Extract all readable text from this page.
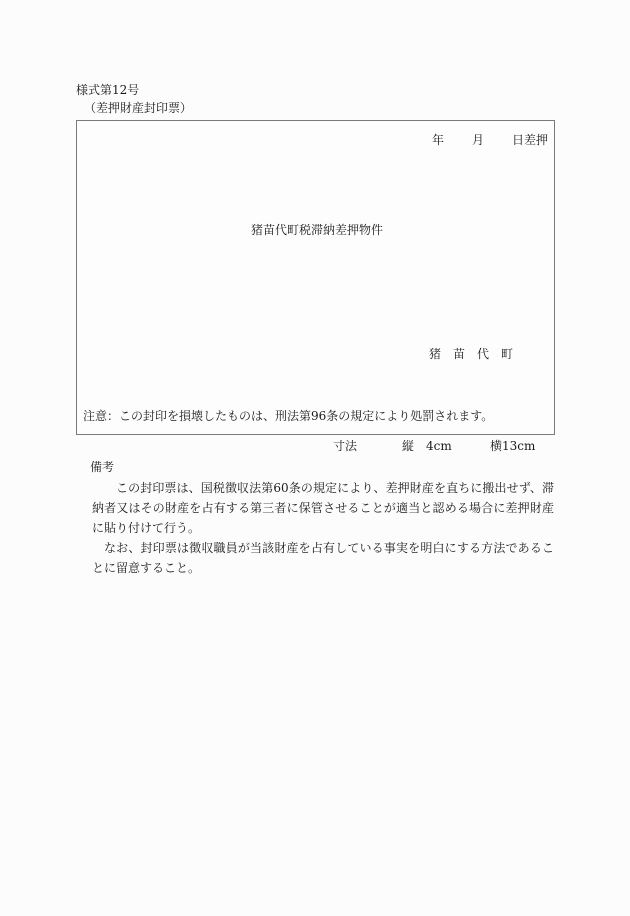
様式第12号
（差押財産封印票）
年 月 日差押
猪苗代町税滞納差押物件
猪苗代町
注意：この封印を損壊したものは、刑法第96条の規定により処罰されます。
寸法	縦　4cm	横13cm
備考

この封印票は、国税徴収法第60条の規定により、差押財産を直ちに搬出せず、滞納者又はその財産を占有する第三者に保管させることが適当と認める場合に差押財産に貼り付けて行う。

なお、封印票は徴収職員が当該財産を占有している事実を明白にする方法であることに留意すること。
